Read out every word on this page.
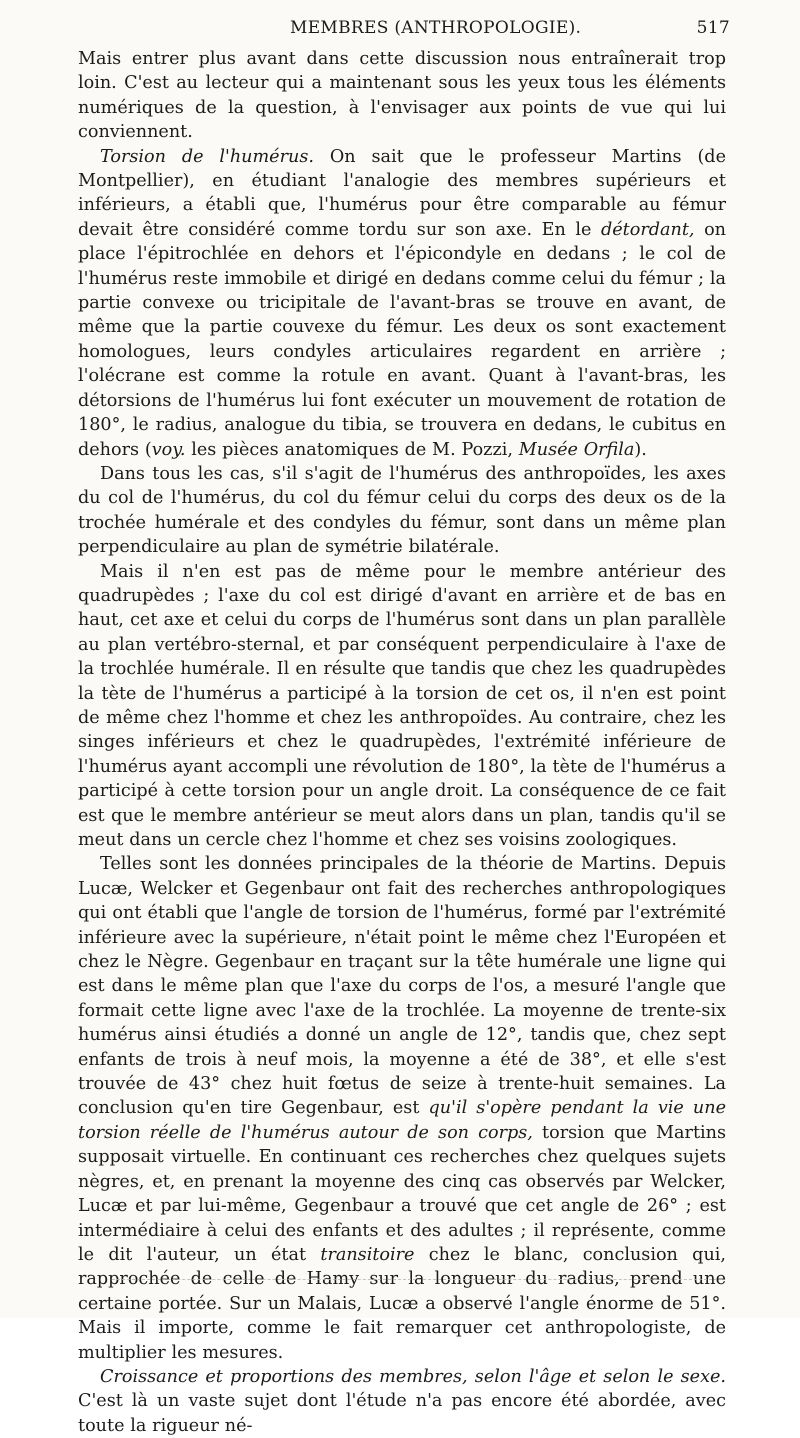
MEMBRES (ANTHROPOLOGIE).	517

Mais entrer plus avant dans cette discussion nous entraînerait trop loin. C'est au lecteur qui a maintenant sous les yeux tous les éléments numériques de la question, à l'envisager aux points de vue qui lui conviennent.

Torsion de l'humérus. On sait que le professeur Martins (de Montpellier), en étudiant l'analogie des membres supérieurs et inférieurs, a établi que, l'humérus pour être comparable au fémur devait être considéré comme tordu sur son axe. En le détordant, on place l'épitrochlée en dehors et l'épicondyle en dedans ; le col de l'humérus reste immobile et dirigé en dedans comme celui du fémur ; la partie convexe ou tricipitale de l'avant-bras se trouve en avant, de même que la partie couvexe du fémur. Les deux os sont exactement homologues, leurs condyles articulaires regardent en arrière ; l'olécrane est comme la rotule en avant. Quant à l'avant-bras, les détorsions de l'humérus lui font exécuter un mouvement de rotation de 180°, le radius, analogue du tibia, se trouvera en dedans, le cubitus en dehors (voy. les pièces anatomiques de M. Pozzi, Musée Orfila).

Dans tous les cas, s'il s'agit de l'humérus des anthropoïdes, les axes du col de l'humérus, du col du fémur celui du corps des deux os de la trochée humérale et des condyles du fémur, sont dans un même plan perpendiculaire au plan de symétrie bilatérale.

Mais il n'en est pas de même pour le membre antérieur des quadrupèdes ; l'axe du col est dirigé d'avant en arrière et de bas en haut, cet axe et celui du corps de l'humérus sont dans un plan parallèle au plan vertébro-sternal, et par conséquent perpendiculaire à l'axe de la trochlée humérale. Il en résulte que tandis que chez les quadrupèdes la tète de l'humérus a participé à la torsion de cet os, il n'en est point de même chez l'homme et chez les anthropoïdes. Au contraire, chez les singes inférieurs et chez le quadrupèdes, l'extrémité inférieure de l'humérus ayant accompli une révolution de 180°, la tète de l'humérus a participé à cette torsion pour un angle droit. La conséquence de ce fait est que le membre antérieur se meut alors dans un plan, tandis qu'il se meut dans un cercle chez l'homme et chez ses voisins zoologiques.

Telles sont les données principales de la théorie de Martins. Depuis Lucæ, Welcker et Gegenbaur ont fait des recherches anthropologiques qui ont établi que l'angle de torsion de l'humérus, formé par l'extrémité inférieure avec la supérieure, n'était point le même chez l'Européen et chez le Nègre. Gegenbaur en traçant sur la tête humérale une ligne qui est dans le même plan que l'axe du corps de l'os, a mesuré l'angle que formait cette ligne avec l'axe de la trochlée. La moyenne de trente-six humérus ainsi étudiés a donné un angle de 12°, tandis que, chez sept enfants de trois à neuf mois, la moyenne a été de 38°, et elle s'est trouvée de 43° chez huit fœtus de seize à trente-huit semaines. La conclusion qu'en tire Gegenbaur, est qu'il s'opère pendant la vie une torsion réelle de l'humérus autour de son corps, torsion que Martins supposait virtuelle. En continuant ces recherches chez quelques sujets nègres, et, en prenant la moyenne des cinq cas observés par Welcker, Lucæ et par lui-même, Gegenbaur a trouvé que cet angle de 26° ; est intermédiaire à celui des enfants et des adultes ; il représente, comme le dit l'auteur, un état transitoire chez le blanc, conclusion qui, rapprochée de celle de Hamy sur la longueur du radius, prend une certaine portée. Sur un Malais, Lucæ a observé l'angle énorme de 51°. Mais il importe, comme le fait remarquer cet anthropologiste, de multiplier les mesures.

Croissance et proportions des membres, selon l'âge et selon le sexe. C'est là un vaste sujet dont l'étude n'a pas encore été abordée, avec toute la rigueur né-
